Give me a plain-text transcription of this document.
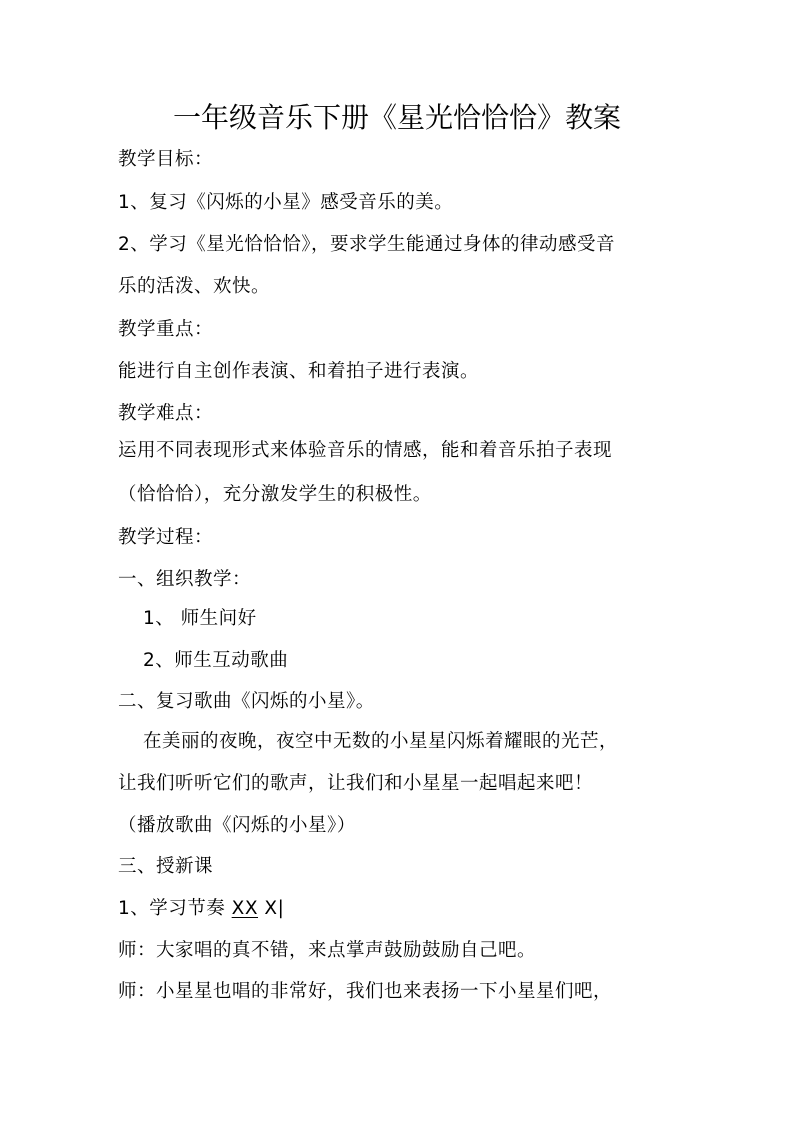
一年级音乐下册《星光恰恰恰》教案
教学目标：
1、复习《闪烁的小星》感受音乐的美。
2、学习《星光恰恰恰》，要求学生能通过身体的律动感受音
乐的活泼、欢快。
教学重点：
能进行自主创作表演、和着拍子进行表演。
教学难点：
运用不同表现形式来体验音乐的情感，能和着音乐拍子表现
（恰恰恰），充分激发学生的积极性。
教学过程：
一、组织教学：
1、 师生问好
2、师生互动歌曲
二、复习歌曲《闪烁的小星》。
在美丽的夜晚，夜空中无数的小星星闪烁着耀眼的光芒，
让我们听听它们的歌声，让我们和小星星一起唱起来吧！
（播放歌曲《闪烁的小星》）
三、授新课
1、学习节奏 XX X|
师：大家唱的真不错，来点掌声鼓励鼓励自己吧。
师：小星星也唱的非常好，我们也来表扬一下小星星们吧，
